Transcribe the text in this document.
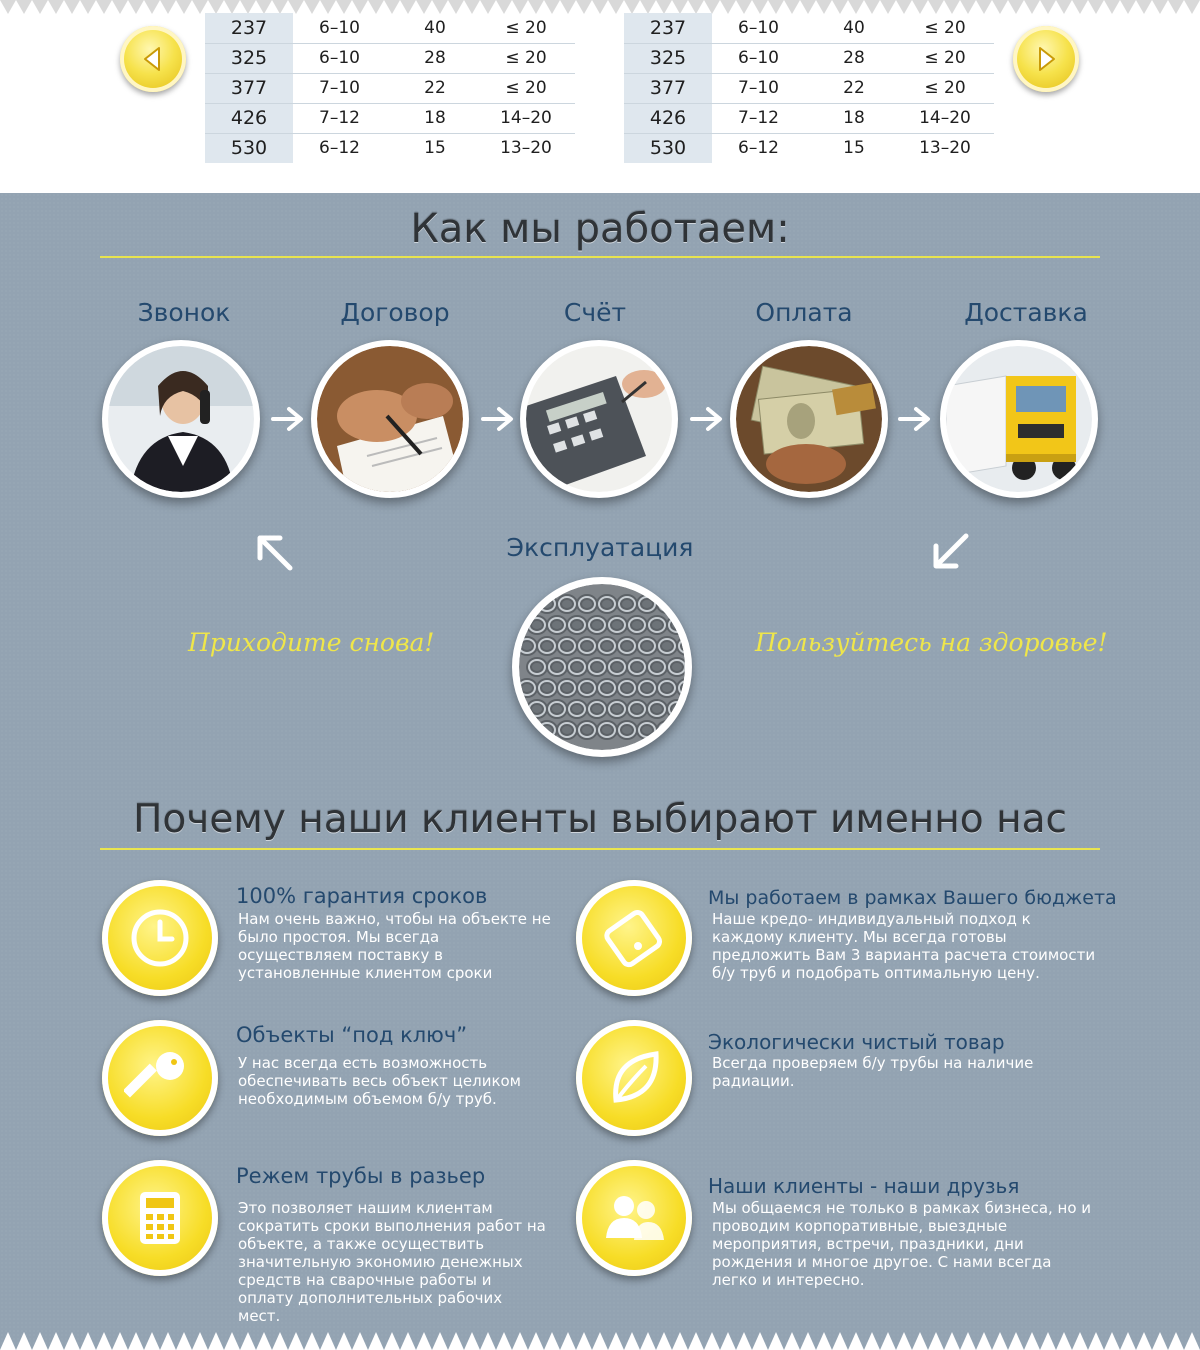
237	6–10	40	≤ 20
325	6–10	28	≤ 20
377	7–10	22	≤ 20
426	7–12	18	14–20
530	6–12	15	13–20
237	6–10	40	≤ 20
325	6–10	28	≤ 20
377	7–10	22	≤ 20
426	7–12	18	14–20
530	6–12	15	13–20
Как мы работаем:
Звонок	Договор	Счёт	Оплата	Доставка
Эксплуатация
Приходите снова!	Пользуйтесь на здоровье!
Почему наши клиенты выбирают именно нас
100% гарантия сроков
Нам очень важно, чтобы на объекте не было простоя. Мы всегда осуществляем поставку в установленные клиентом сроки
Мы работаем в рамках Вашего бюджета
Наше кредо- индивидуальный подход к каждому клиенту. Мы всегда готовы предложить Вам 3 варианта расчета стоимости б/у труб и подобрать оптимальную цену.
Объекты “под ключ”
У нас всегда есть возможность обеспечивать весь объект целиком необходимым объемом б/у труб.
Экологически чистый товар
Всегда проверяем б/у трубы на наличие радиации.
Режем трубы в разьер
Это позволяет нашим клиентам сократить сроки выполнения работ на объекте, а также осуществить значительную экономию денежных средств на сварочные работы и оплату дополнительных рабочих мест.
Наши клиенты - наши друзья
Мы общаемся не только в рамках бизнеса, но и проводим корпоративные, выездные мероприятия, встречи, праздники, дни рождения и многое другое. С нами всегда легко и интересно.
